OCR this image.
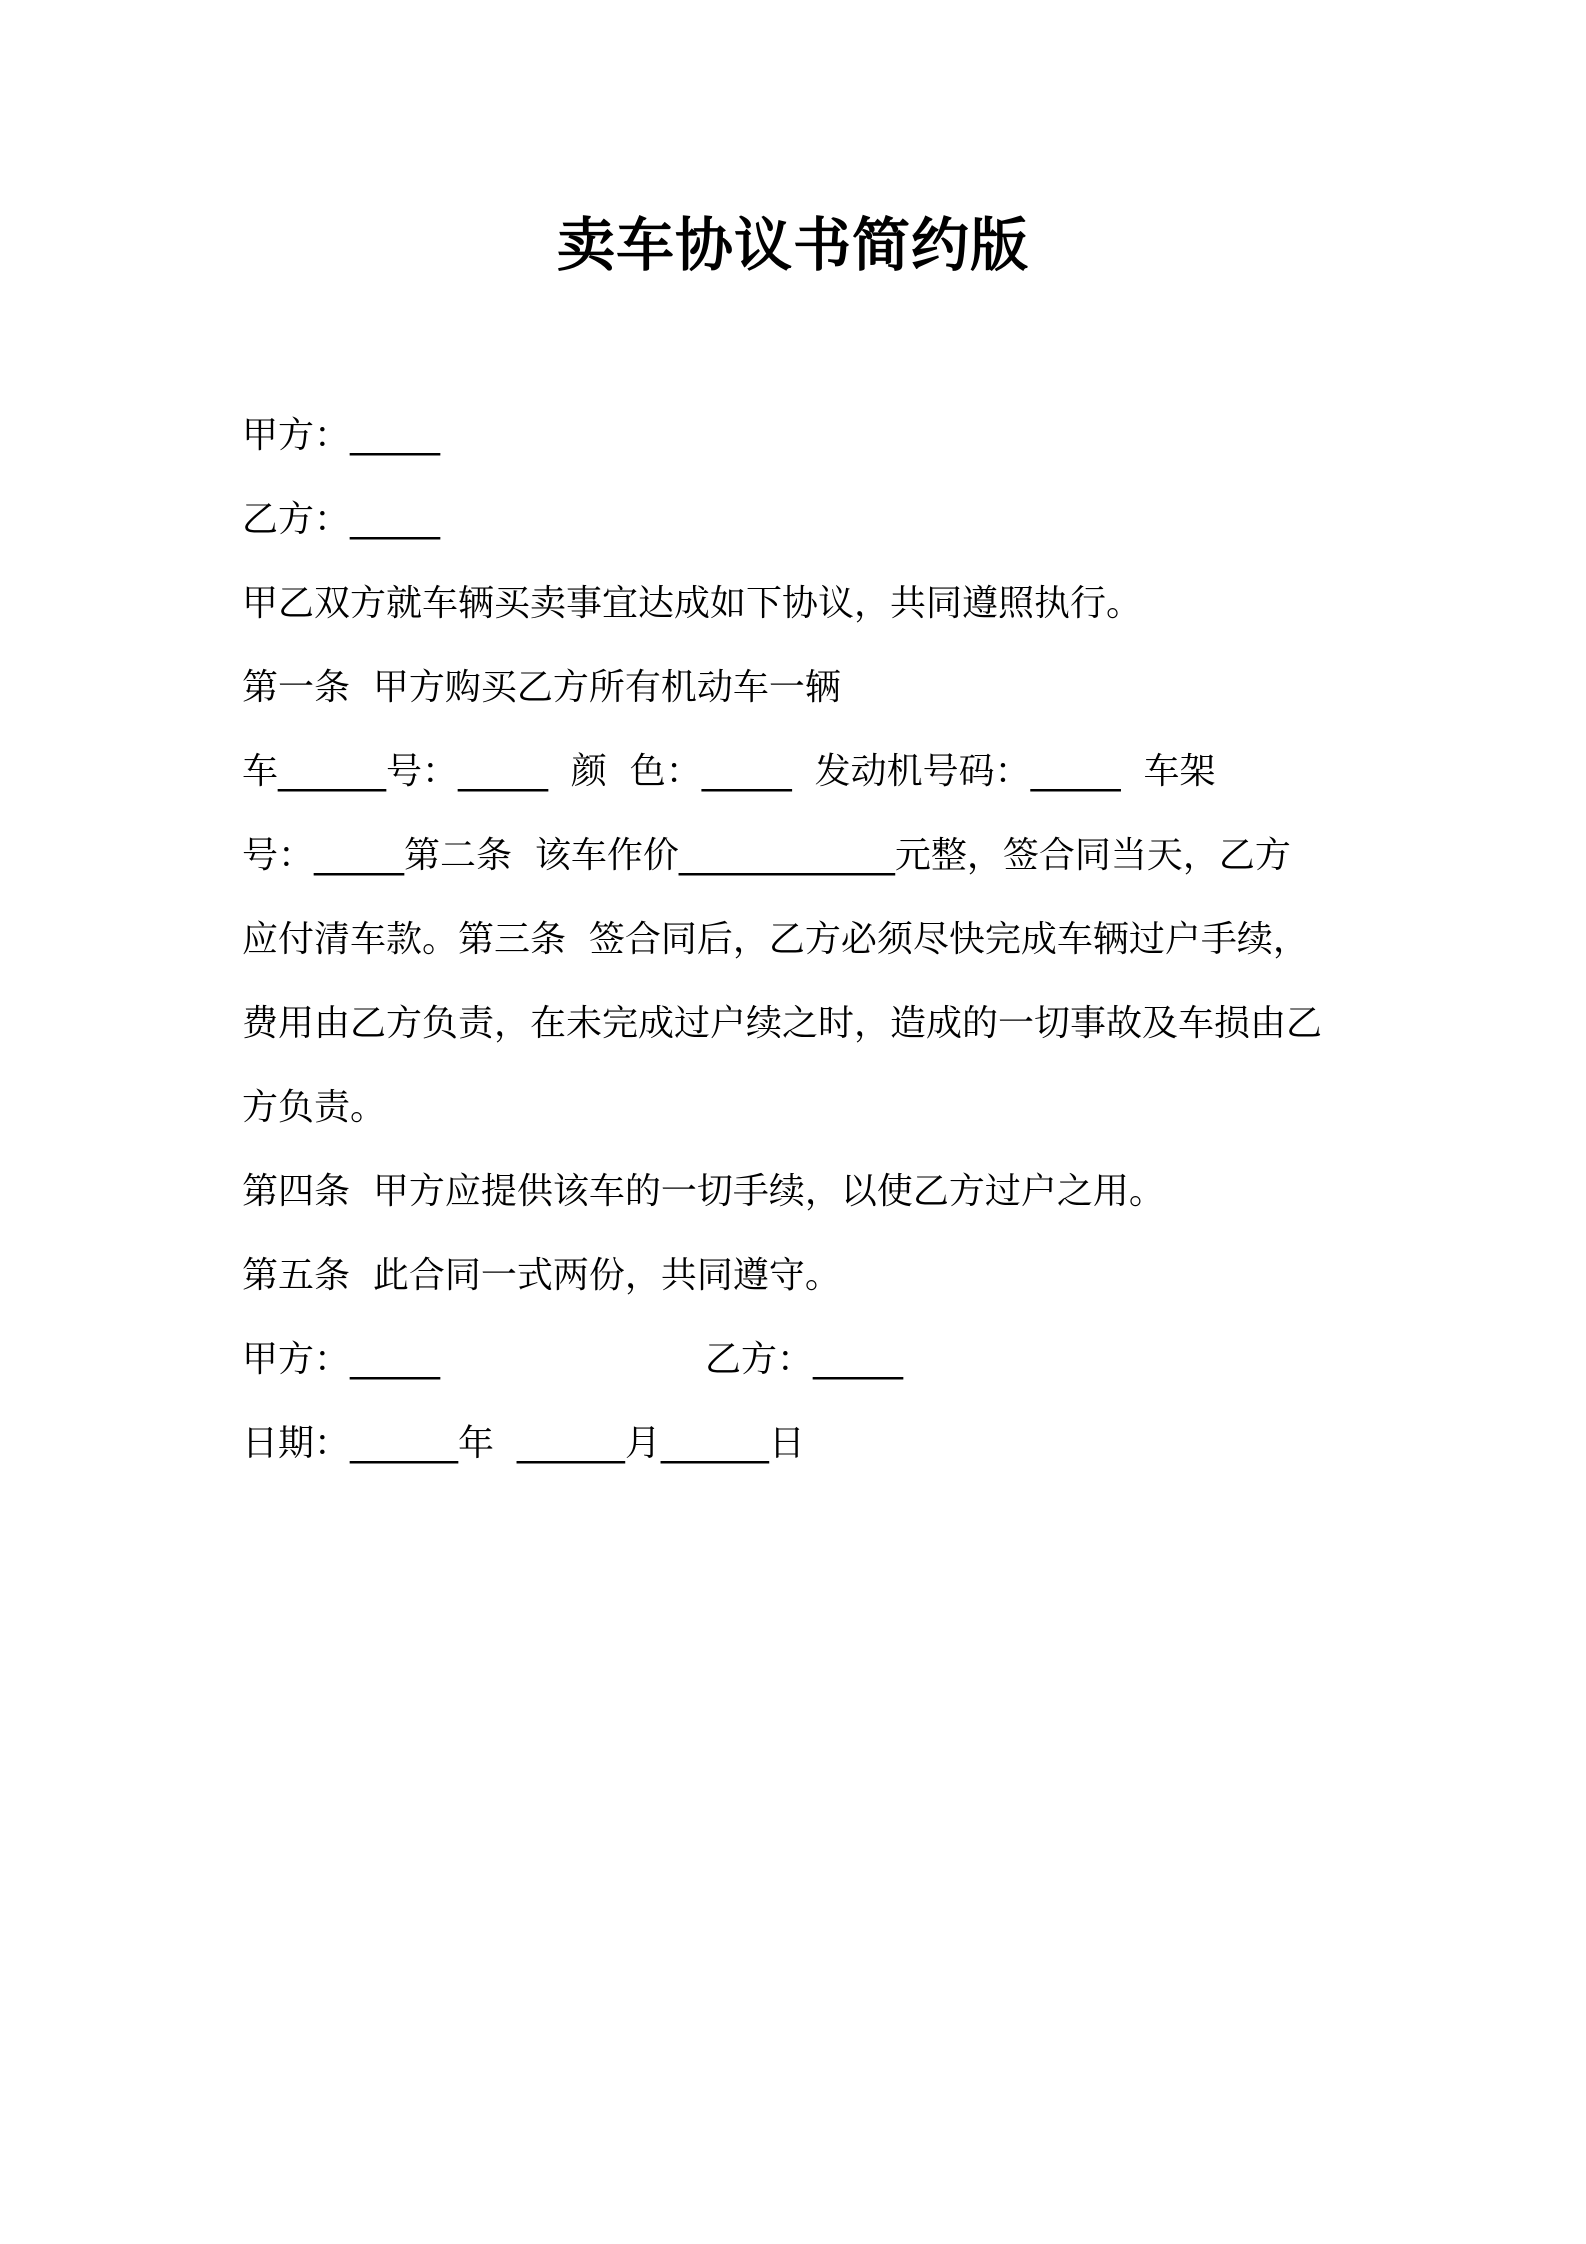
卖车协议书简约版
甲方：_____
乙方：_____
甲乙双方就车辆买卖事宜达成如下协议，共同遵照执行。
第一条  甲方购买乙方所有机动车一辆
车______号：_____  颜  色：_____  发动机号码：_____  车架
号：_____第二条  该车作价____________元整，签合同当天，乙方
应付清车款。第三条  签合同后，乙方必须尽快完成车辆过户手续，
费用由乙方负责，在未完成过户续之时，造成的一切事故及车损由乙
方负责。
第四条  甲方应提供该车的一切手续，以使乙方过户之用。
第五条  此合同一式两份，共同遵守。

甲方：_____

	乙方：_____

日期：______年  ______月______日
